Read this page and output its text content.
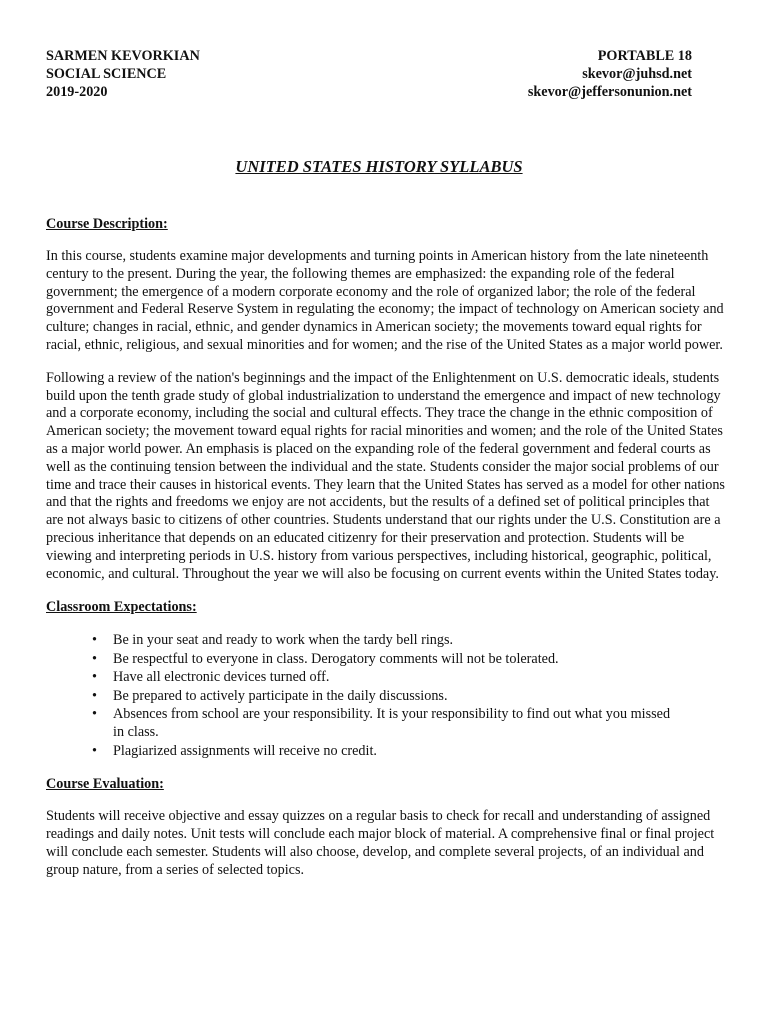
SARMEN KEVORKIAN
SOCIAL SCIENCE
2019-2020
PORTABLE 18
skevor@juhsd.net
skevor@jeffersonunion.net
UNITED STATES HISTORY SYLLABUS
Course Description:

In this course, students examine major developments and turning points in American history from the late nineteenth century to the present. During the year, the following themes are emphasized: the expanding role of the federal government; the emergence of a modern corporate economy and the role of organized labor; the role of the federal government and Federal Reserve System in regulating the economy; the impact of technology on American society and culture; changes in racial, ethnic, and gender dynamics in American society; the movements toward equal rights for racial, ethnic, religious, and sexual minorities and for women; and the rise of the United States as a major world power.

Following a review of the nation's beginnings and the impact of the Enlightenment on U.S. democratic ideals, students build upon the tenth grade study of global industrialization to understand the emergence and impact of new technology and a corporate economy, including the social and cultural effects. They trace the change in the ethnic composition of American society; the movement toward equal rights for racial minorities and women; and the role of the United States as a major world power. An emphasis is placed on the expanding role of the federal government and federal courts as well as the continuing tension between the individual and the state. Students consider the major social problems of our time and trace their causes in historical events. They learn that the United States has served as a model for other nations and that the rights and freedoms we enjoy are not accidents, but the results of a defined set of political principles that are not always basic to citizens of other countries. Students understand that our rights under the U.S. Constitution are a precious inheritance that depends on an educated citizenry for their preservation and protection. Students will be viewing and interpreting periods in U.S. history from various perspectives, including historical, geographic, political, economic, and cultural. Throughout the year we will also be focusing on current events within the United States today.

Classroom Expectations:
• Be in your seat and ready to work when the tardy bell rings.
• Be respectful to everyone in class. Derogatory comments will not be tolerated.
• Have all electronic devices turned off.
• Be prepared to actively participate in the daily discussions.
• Absences from school are your responsibility. It is your responsibility to find out what you missed in class.
• Plagiarized assignments will receive no credit.
Course Evaluation:

Students will receive objective and essay quizzes on a regular basis to check for recall and understanding of assigned readings and daily notes. Unit tests will conclude each major block of material. A comprehensive final or final project will conclude each semester. Students will also choose, develop, and complete several projects, of an individual and group nature, from a series of selected topics.
